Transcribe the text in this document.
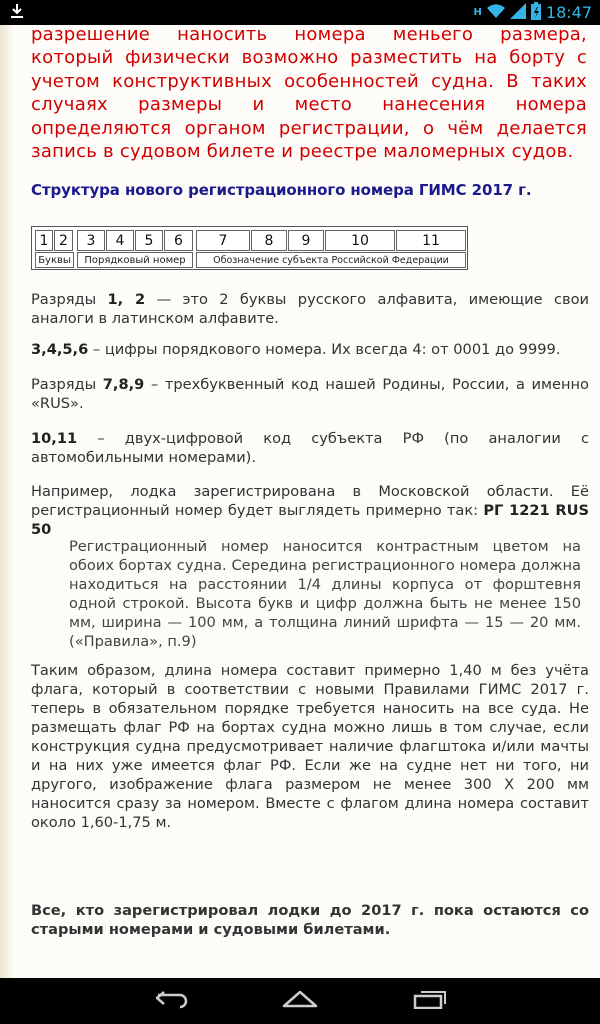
H	18:47

разрешение наносить номера меньего размера, который физически возможно разместить на борту с учетом конструктивных особенностей судна. В таких случаях размеры и место нанесения номера определяются органом регистрации, о чём делается запись в судовом билете и реестре маломерных судов.

Структура нового регистрационного номера ГИМС 2017 г.

1 2	3	4	5	6	7	8	9	10	11
Буквы	Порядковый номер	Обозначение субъекта Российской Федерации

Разряды 1, 2 — это 2 буквы русского алфавита, имеющие свои аналоги в латинском алфавите.

3,4,5,6 – цифры порядкового номера. Их всегда 4: от 0001 до 9999.

Разряды 7,8,9 – трехбуквенный код нашей Родины, России, а именно «RUS».

10,11 – двух-цифровой код субъекта РФ (по аналогии с автомобильными номерами).

Например, лодка зарегистрирована в Московской области. Её регистрационный номер будет выглядеть примерно так: РГ 1221 RUS 50

Регистрационный номер наносится контрастным цветом на обоих бортах судна. Середина регистрационного номера должна находиться на расстоянии 1/4 длины корпуса от форштевня одной строкой. Высота букв и цифр должна быть не менее 150 мм, ширина — 100 мм, а толщина линий шрифта — 15 — 20 мм. («Правила», п.9)

Таким образом, длина номера составит примерно 1,40 м без учёта флага, который в соответствии с новыми Правилами ГИМС 2017 г. теперь в обязательном порядке требуется наносить на все суда. Не размещать флаг РФ на бортах судна можно лишь в том случае, если конструкция судна предусмотривает наличие флагштока и/или мачты и на них уже имеется флаг РФ. Если же на судне нет ни того, ни другого, изображение флага размером не менее 300 Х 200 мм наносится сразу за номером. Вместе с флагом длина номера составит около 1,60-1,75 м.

Все, кто зарегистрировал лодки до 2017 г. пока остаются со старыми номерами и судовыми билетами.
